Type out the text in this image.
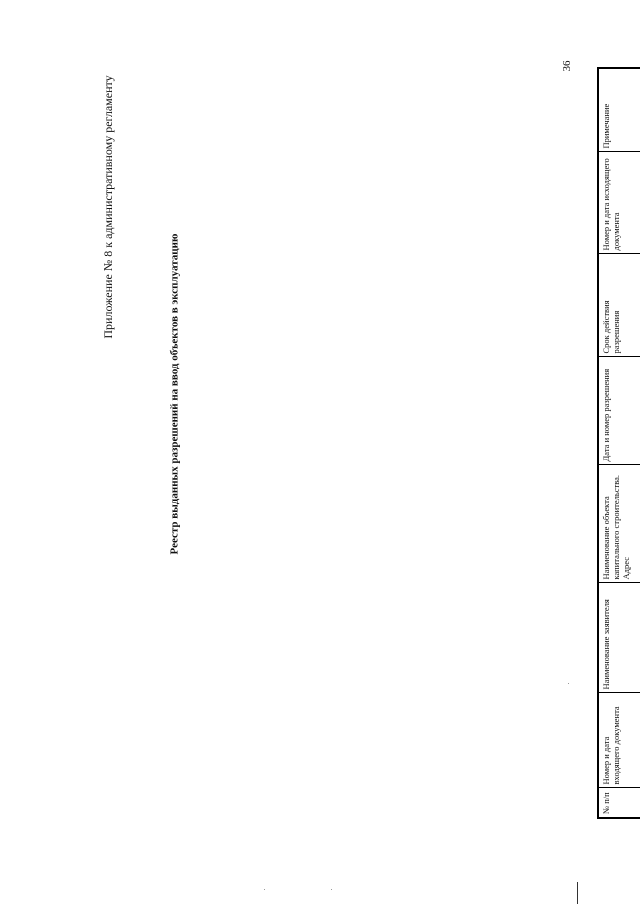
36
Приложение № 8 к административному регламенту
Реестр выданных разрешений на ввод объектов в эксплуатацию
№ п/п	Номер и дата входящего документа	Наименование заявителя	Наименование объекта капитального строительства. Адрес	Дата и номер разрешения	Срок действия разрешения	Номер и дата исходящего документа	Примечание
